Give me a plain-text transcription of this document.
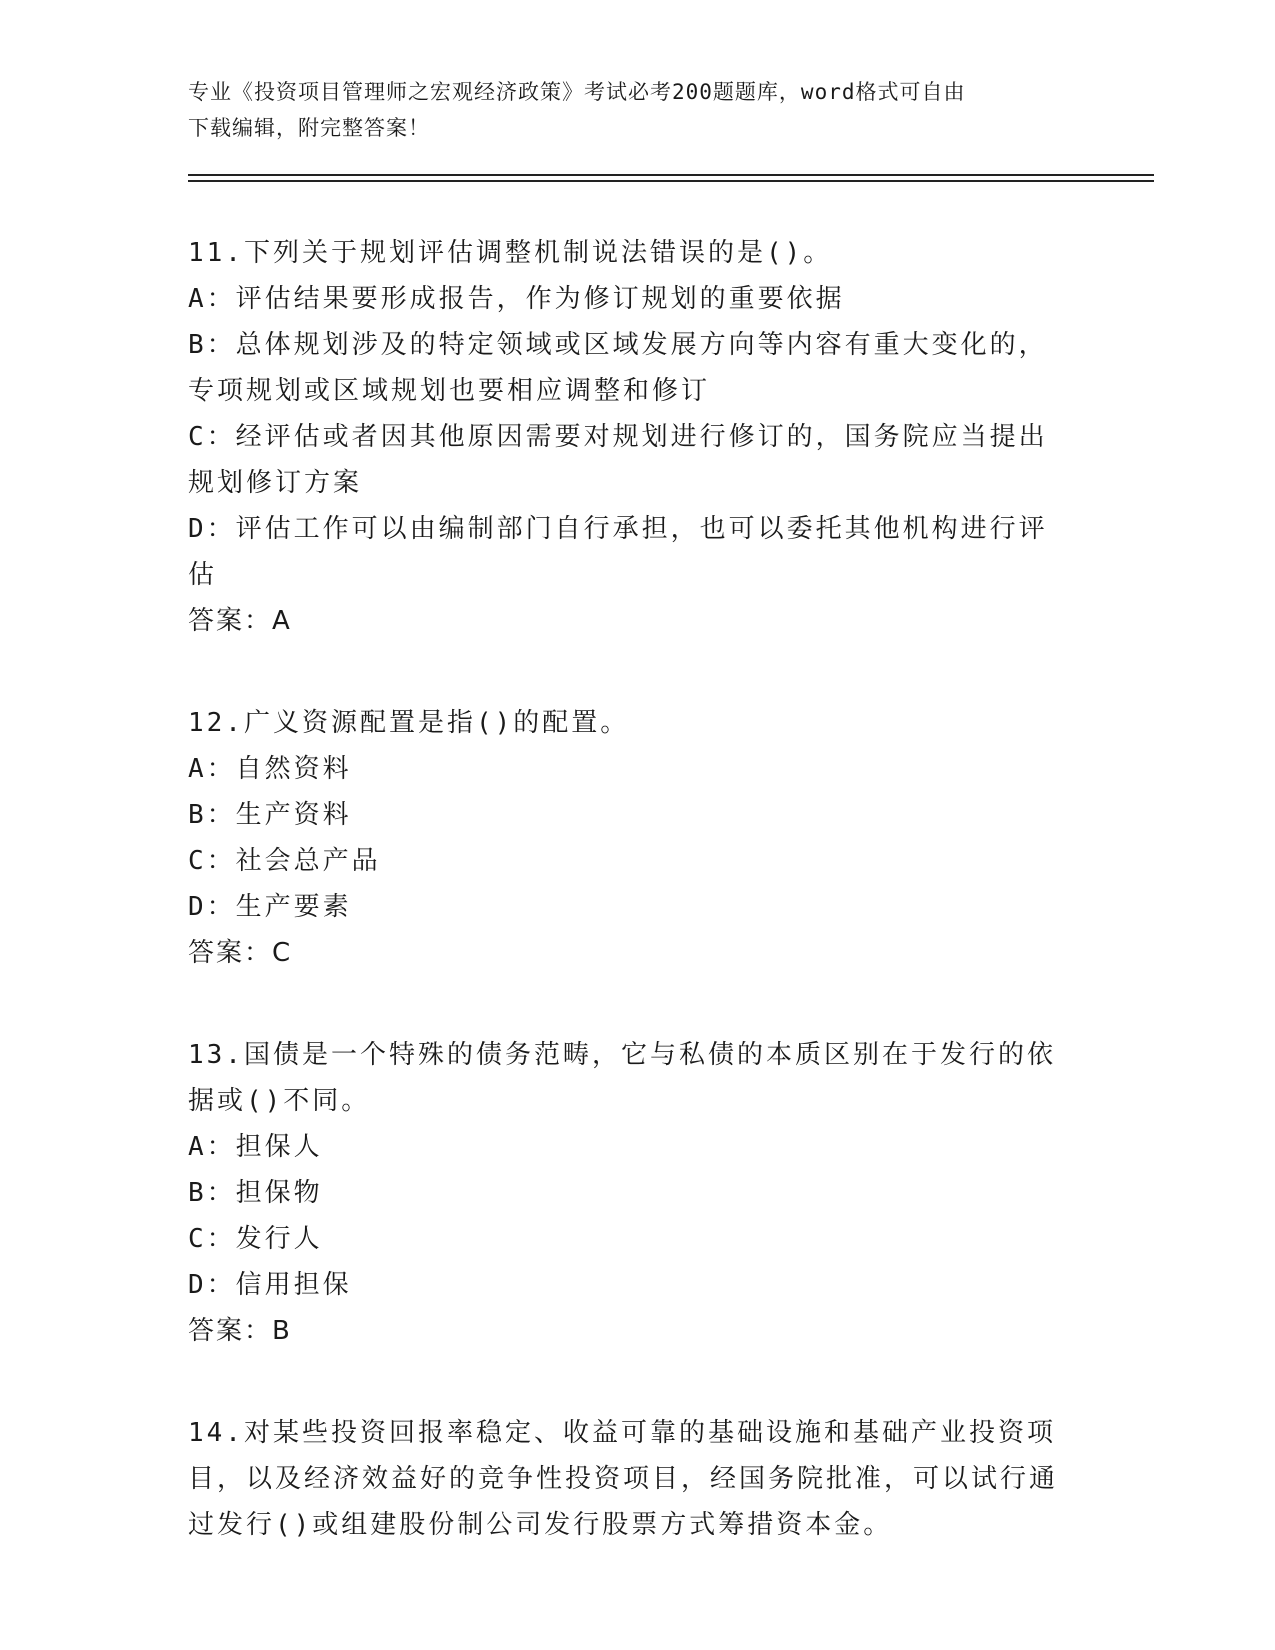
专业《投资项目管理师之宏观经济政策》考试必考200题题库，word格式可自由
下载编辑，附完整答案！

11.下列关于规划评估调整机制说法错误的是()。

A：评估结果要形成报告，作为修订规划的重要依据

B：总体规划涉及的特定领域或区域发展方向等内容有重大变化的，专项规划或区域规划也要相应调整和修订

C：经评估或者因其他原因需要对规划进行修订的，国务院应当提出规划修订方案

D：评估工作可以由编制部门自行承担，也可以委托其他机构进行评估

答案：A

12.广义资源配置是指()的配置。

A：自然资料

B：生产资料

C：社会总产品

D：生产要素

答案：C

13.国债是一个特殊的债务范畴，它与私债的本质区别在于发行的依据或()不同。

A：担保人

B：担保物

C：发行人

D：信用担保

答案：B

14.对某些投资回报率稳定、收益可靠的基础设施和基础产业投资项目，以及经济效益好的竞争性投资项目，经国务院批准，可以试行通过发行()或组建股份制公司发行股票方式筹措资本金。
